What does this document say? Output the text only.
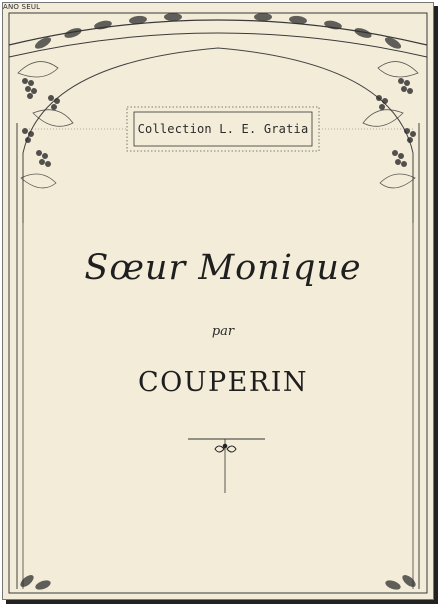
ANO SEUL
Collection L. E. Gratia
Sœur Monique
par
COUPERIN
